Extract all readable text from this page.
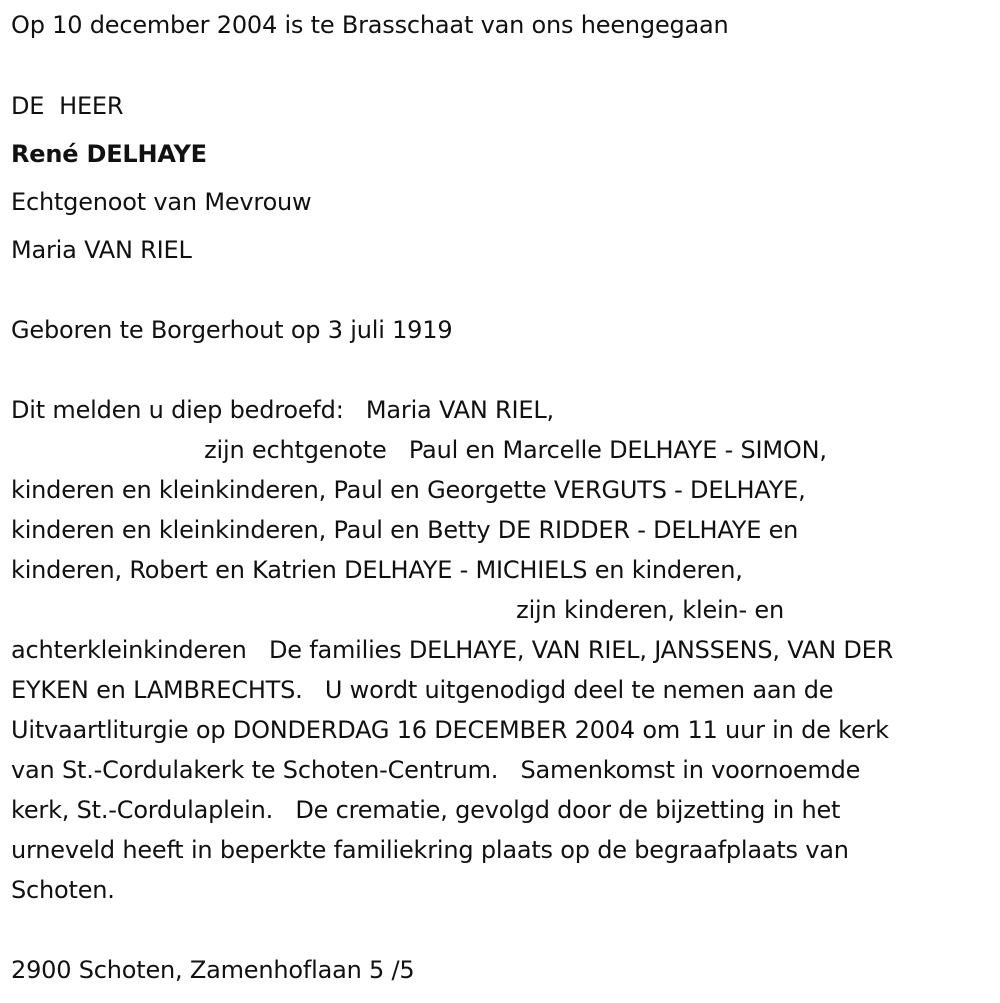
Op 10 december 2004 is te Brasschaat van ons heengegaan
DE  HEER
René DELHAYE
Echtgenoot van Mevrouw
Maria VAN RIEL
Geboren te Borgerhout op 3 juli 1919
Dit melden u diep bedroefd:   Maria VAN RIEL,
zijn echtgenote   Paul en Marcelle DELHAYE - SIMON,
kinderen en kleinkinderen, Paul en Georgette VERGUTS - DELHAYE,
kinderen en kleinkinderen, Paul en Betty DE RIDDER - DELHAYE en
kinderen, Robert en Katrien DELHAYE - MICHIELS en kinderen,
zijn kinderen, klein- en
achterkleinkinderen   De families DELHAYE, VAN RIEL, JANSSENS, VAN DER
EYKEN en LAMBRECHTS.   U wordt uitgenodigd deel te nemen aan de
Uitvaartliturgie op DONDERDAG 16 DECEMBER 2004 om 11 uur in de kerk
van St.-Cordulakerk te Schoten-Centrum.   Samenkomst in voornoemde
kerk, St.-Cordulaplein.   De crematie, gevolgd door de bijzetting in het
urneveld heeft in beperkte familiekring plaats op de begraafplaats van
Schoten.
2900 Schoten, Zamenhoflaan 5 /5
